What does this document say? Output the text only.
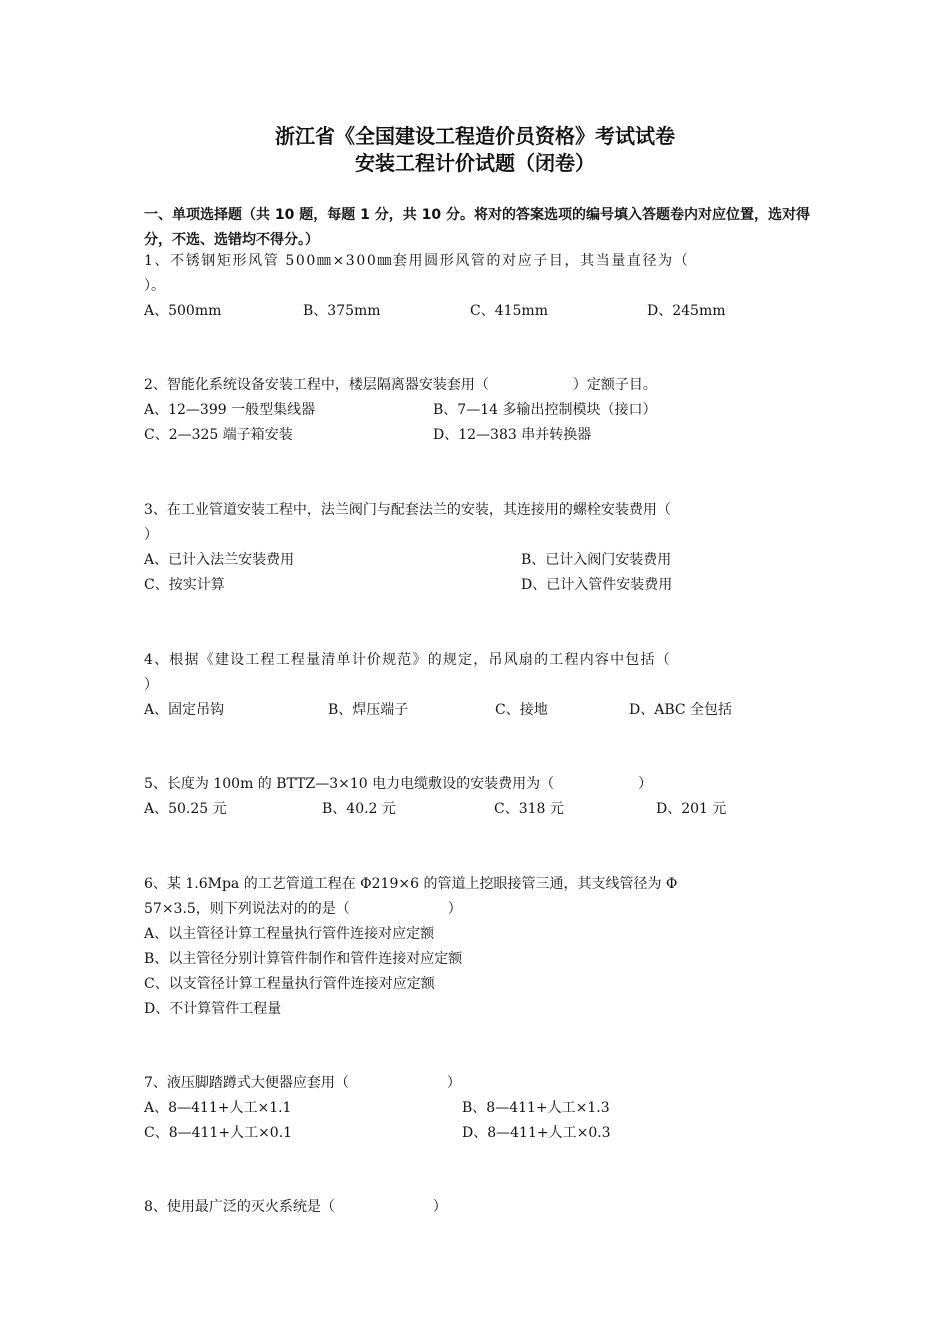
浙江省《全国建设工程造价员资格》考试试卷
安装工程计价试题（闭卷）
一、单项选择题（共 10 题，每题 1 分，共 10 分。将对的答案选项的编号填入答题卷内对应位置，选对得分，不选、选错均不得分。）
1、不锈钢矩形风管 500㎜×300㎜套用圆形风管的对应子目，其当量直径为（
）。
A、500mm	B、375mm	C、415mm	D、245mm
2、智能化系统设备安装工程中，楼层隔离器安装套用（　　　　　　）定额子目。
A、12—399 一般型集线器	B、7—14 多输出控制模块（接口）
C、2—325 端子箱安装	D、12—383 串并转换器
3、在工业管道安装工程中，法兰阀门与配套法兰的安装，其连接用的螺栓安装费用（
）
A、已计入法兰安装费用	B、已计入阀门安装费用
C、按实计算	D、已计入管件安装费用
4、根据《建设工程工程量清单计价规范》的规定，吊风扇的工程内容中包括（
）
A、固定吊钩	B、焊压端子	C、接地	D、ABC 全包括
5、长度为 100m 的 BTTZ—3×10 电力电缆敷设的安装费用为（　　　　　　）
A、50.25 元	B、40.2 元	C、318 元	D、201 元
6、某 1.6Mpa 的工艺管道工程在 Φ219×6 的管道上挖眼接管三通，其支线管径为 Φ
57×3.5，则下列说法对的的是（　　　　　　　）
A、以主管径计算工程量执行管件连接对应定额
B、以主管径分别计算管件制作和管件连接对应定额
C、以支管径计算工程量执行管件连接对应定额
D、不计算管件工程量
7、液压脚踏蹲式大便器应套用（　　　　　　　）
A、8—411+人工×1.1	B、8—411+人工×1.3
C、8—411+人工×0.1	D、8—411+人工×0.3
8、使用最广泛的灭火系统是（　　　　　　　）
